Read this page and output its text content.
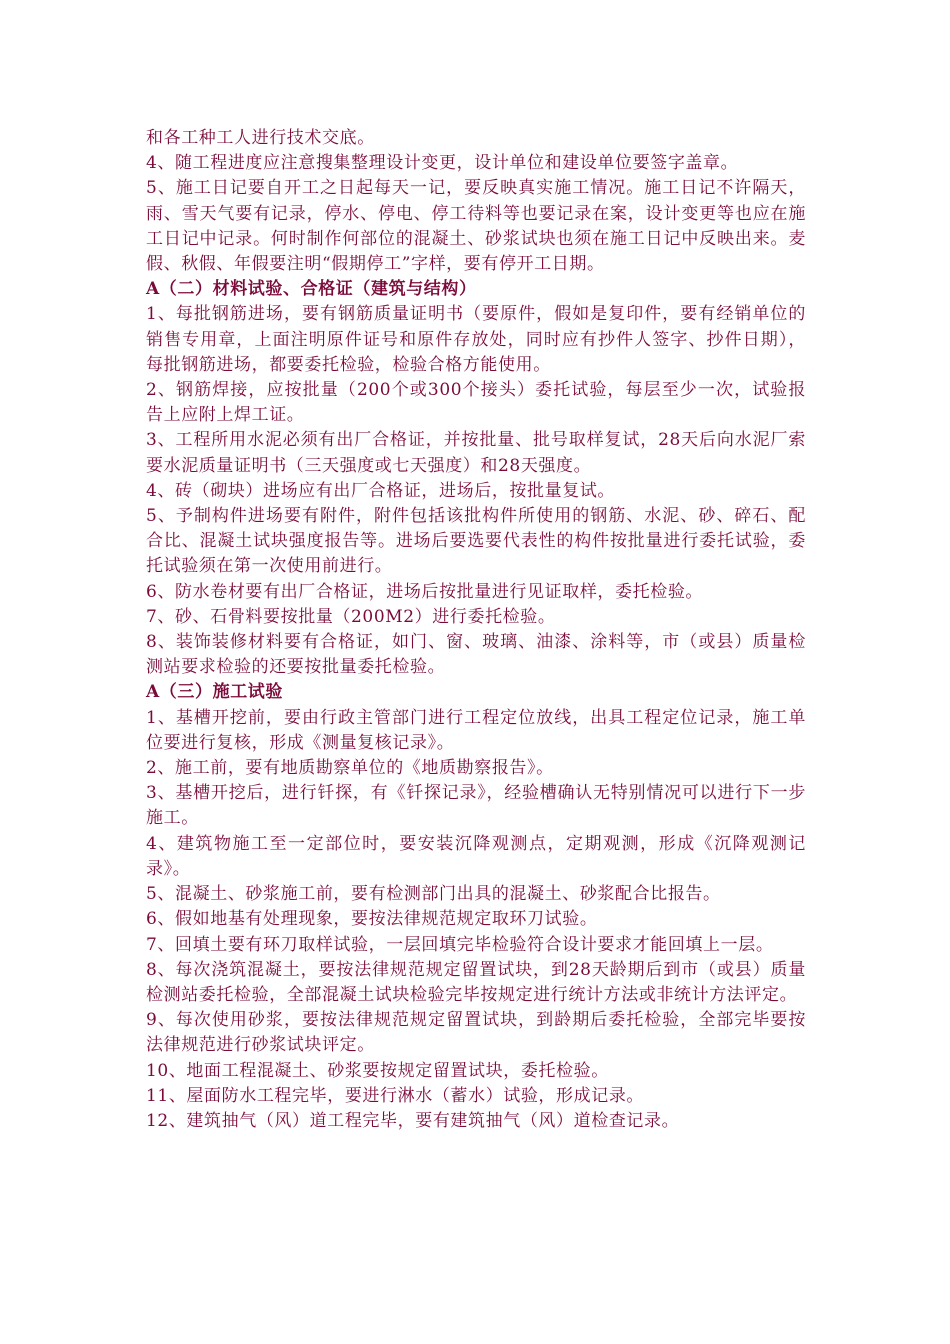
和各工种工人进行技术交底。

4、随工程进度应注意搜集整理设计变更，设计单位和建设单位要签字盖章。

5、施工日记要自开工之日起每天一记，要反映真实施工情况。施工日记不许隔天，雨、雪天气要有记录，停水、停电、停工待料等也要记录在案，设计变更等也应在施工日记中记录。何时制作何部位的混凝土、砂浆试块也须在施工日记中反映出来。麦假、秋假、年假要注明“假期停工”字样，要有停开工日期。

A（二）材料试验、合格证（建筑与结构）

1、每批钢筋进场，要有钢筋质量证明书（要原件，假如是复印件，要有经销单位的销售专用章，上面注明原件证号和原件存放处，同时应有抄件人签字、抄件日期），每批钢筋进场，都要委托检验，检验合格方能使用。

2、钢筋焊接，应按批量（200个或300个接头）委托试验，每层至少一次，试验报告上应附上焊工证。

3、工程所用水泥必须有出厂合格证，并按批量、批号取样复试，28天后向水泥厂索要水泥质量证明书（三天强度或七天强度）和28天强度。

4、砖（砌块）进场应有出厂合格证，进场后，按批量复试。

5、予制构件进场要有附件，附件包括该批构件所使用的钢筋、水泥、砂、碎石、配合比、混凝土试块强度报告等。进场后要选要代表性的构件按批量进行委托试验，委托试验须在第一次使用前进行。

6、防水卷材要有出厂合格证，进场后按批量进行见证取样，委托检验。

7、砂、石骨料要按批量（200M2）进行委托检验。

8、装饰装修材料要有合格证，如门、窗、玻璃、油漆、涂料等，市（或县）质量检测站要求检验的还要按批量委托检验。

A（三）施工试验

1、基槽开挖前，要由行政主管部门进行工程定位放线，出具工程定位记录，施工单位要进行复核，形成《测量复核记录》。

2、施工前，要有地质勘察单位的《地质勘察报告》。

3、基槽开挖后，进行钎探，有《钎探记录》，经验槽确认无特别情况可以进行下一步施工。

4、建筑物施工至一定部位时，要安装沉降观测点，定期观测，形成《沉降观测记录》。

5、混凝土、砂浆施工前，要有检测部门出具的混凝土、砂浆配合比报告。

6、假如地基有处理现象，要按法律规范规定取环刀试验。

7、回填土要有环刀取样试验，一层回填完毕检验符合设计要求才能回填上一层。

8、每次浇筑混凝土，要按法律规范规定留置试块，到28天龄期后到市（或县）质量检测站委托检验，全部混凝土试块检验完毕按规定进行统计方法或非统计方法评定。

9、每次使用砂浆，要按法律规范规定留置试块，到龄期后委托检验，全部完毕要按法律规范进行砂浆试块评定。

10、地面工程混凝土、砂浆要按规定留置试块，委托检验。

11、屋面防水工程完毕，要进行淋水（蓄水）试验，形成记录。

12、建筑抽气（风）道工程完毕，要有建筑抽气（风）道检查记录。
